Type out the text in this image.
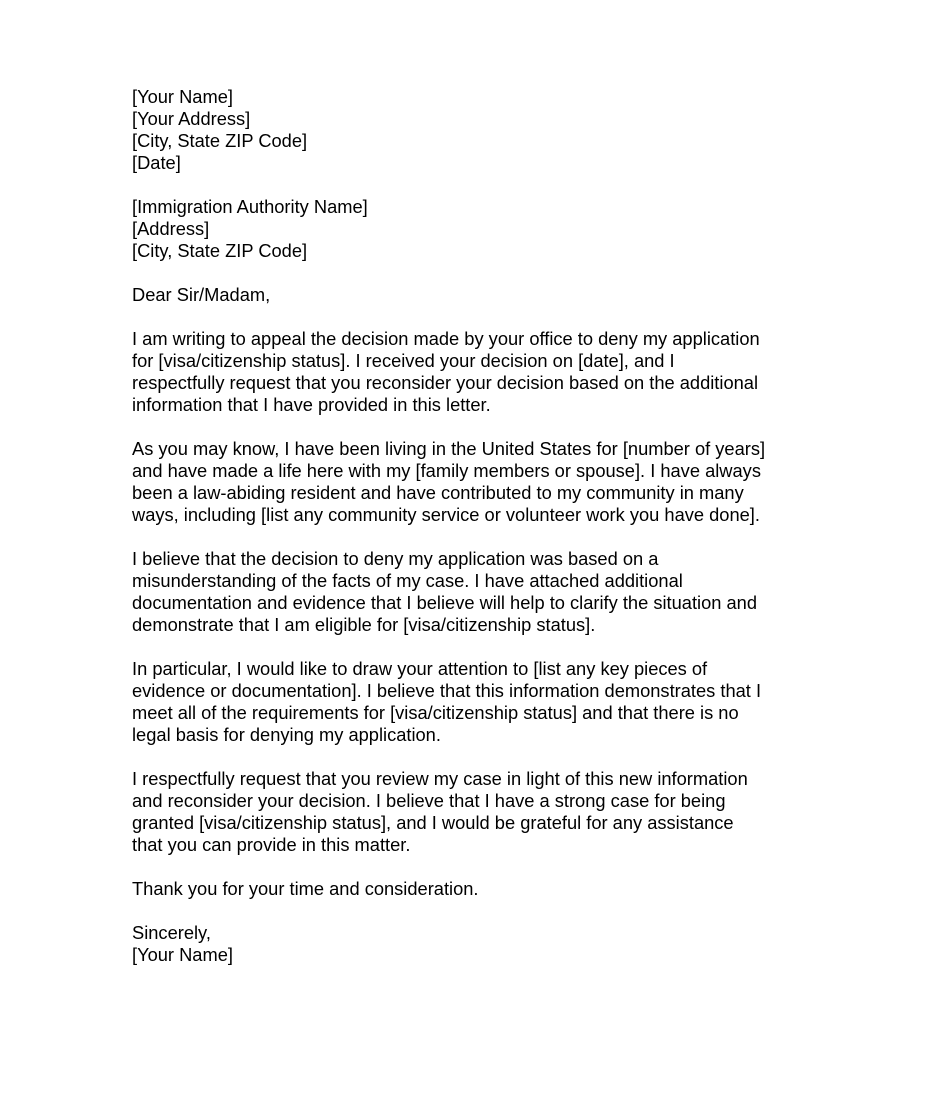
[Your Name]
[Your Address]
[City, State ZIP Code]
[Date]
[Immigration Authority Name]
[Address]
[City, State ZIP Code]
Dear Sir/Madam,
I am writing to appeal the decision made by your office to deny my application
for [visa/citizenship status]. I received your decision on [date], and I
respectfully request that you reconsider your decision based on the additional
information that I have provided in this letter.
As you may know, I have been living in the United States for [number of years]
and have made a life here with my [family members or spouse]. I have always
been a law-abiding resident and have contributed to my community in many
ways, including [list any community service or volunteer work you have done].
I believe that the decision to deny my application was based on a
misunderstanding of the facts of my case. I have attached additional
documentation and evidence that I believe will help to clarify the situation and
demonstrate that I am eligible for [visa/citizenship status].
In particular, I would like to draw your attention to [list any key pieces of
evidence or documentation]. I believe that this information demonstrates that I
meet all of the requirements for [visa/citizenship status] and that there is no
legal basis for denying my application.
I respectfully request that you review my case in light of this new information
and reconsider your decision. I believe that I have a strong case for being
granted [visa/citizenship status], and I would be grateful for any assistance
that you can provide in this matter.
Thank you for your time and consideration.
Sincerely,
[Your Name]
